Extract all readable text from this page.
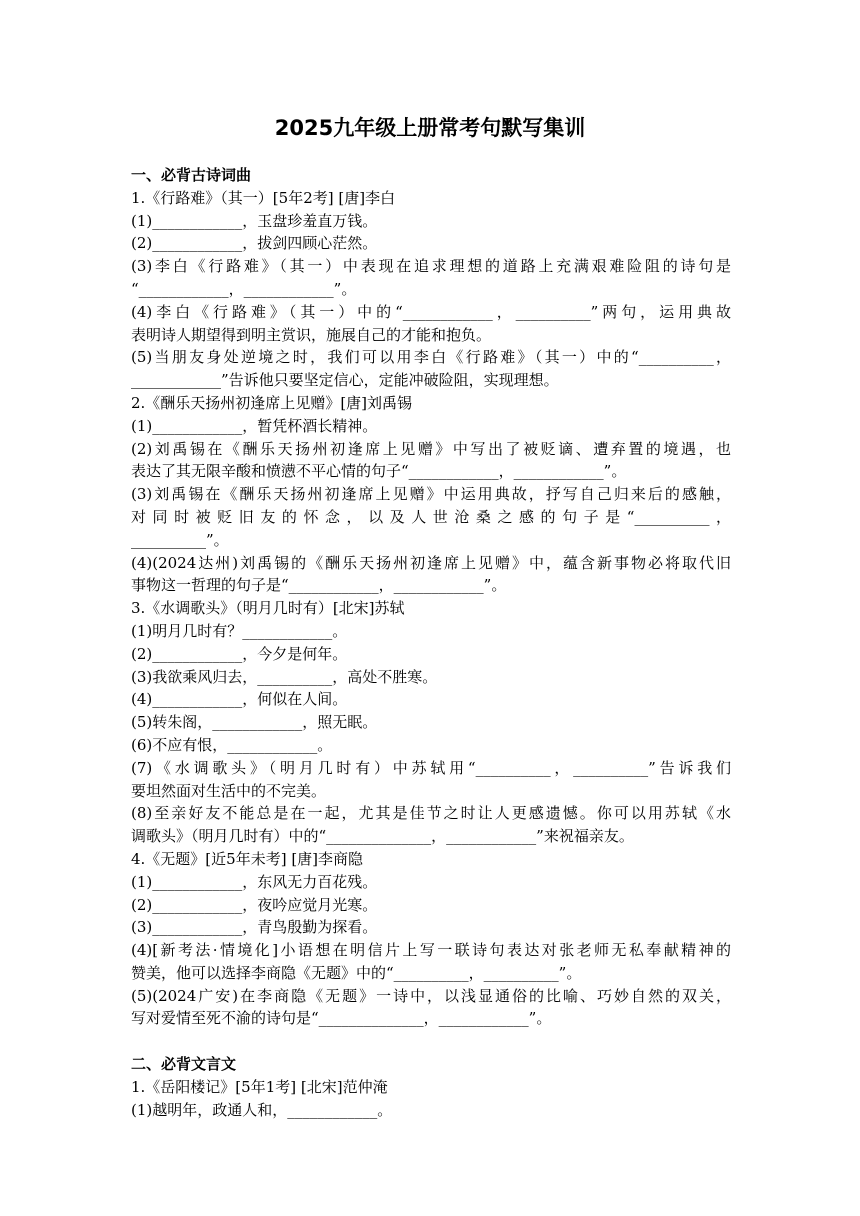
2025九年级上册常考句默写集训
一、必背古诗词曲
1.《行路难》（其一）[5年2考] [唐]李白
(1)____________，玉盘珍羞直万钱。
(2)____________，拔剑四顾心茫然。
(3)李白《行路难》（其一）中表现在追求理想的道路上充满艰难险阻的诗句是
“____________，____________”。
(4)李白《行路难》（其一）中的“____________，__________”两句，运用典故
表明诗人期望得到明主赏识，施展自己的才能和抱负。
(5)当朋友身处逆境之时，我们可以用李白《行路难》（其一）中的“__________，
____________”告诉他只要坚定信心，定能冲破险阻，实现理想。
2.《酬乐天扬州初逢席上见赠》[唐]刘禹锡
(1)____________，暂凭杯酒长精神。
(2)刘禹锡在《酬乐天扬州初逢席上见赠》中写出了被贬谪、遭弃置的境遇，也
表达了其无限辛酸和愤懑不平心情的句子“____________，____________”。
(3)刘禹锡在《酬乐天扬州初逢席上见赠》中运用典故，抒写自己归来后的感触，
对同时被贬旧友的怀念，以及人世沧桑之感的句子是“__________，
__________”。
(4)(2024达州)刘禹锡的《酬乐天扬州初逢席上见赠》中，蕴含新事物必将取代旧
事物这一哲理的句子是“____________，____________”。
3.《水调歌头》（明月几时有）[北宋]苏轼
(1)明月几时有？____________。
(2)____________，今夕是何年。
(3)我欲乘风归去，__________，高处不胜寒。
(4)____________，何似在人间。
(5)转朱阁，____________，照无眠。
(6)不应有恨，____________。
(7)《水调歌头》（明月几时有）中苏轼用“__________，__________”告诉我们
要坦然面对生活中的不完美。
(8)至亲好友不能总是在一起，尤其是佳节之时让人更感遗憾。你可以用苏轼《水
调歌头》（明月几时有）中的“______________，____________”来祝福亲友。
4.《无题》[近5年未考] [唐]李商隐
(1)____________，东风无力百花残。
(2)____________，夜吟应觉月光寒。
(3)____________，青鸟殷勤为探看。
(4)[新考法·情境化]小语想在明信片上写一联诗句表达对张老师无私奉献精神的
赞美，他可以选择李商隐《无题》中的“__________，__________”。
(5)(2024广安)在李商隐《无题》一诗中，以浅显通俗的比喻、巧妙自然的双关，
写对爱情至死不渝的诗句是“______________，____________”。
二、必背文言文
1.《岳阳楼记》[5年1考] [北宋]范仲淹
(1)越明年，政通人和，____________。
